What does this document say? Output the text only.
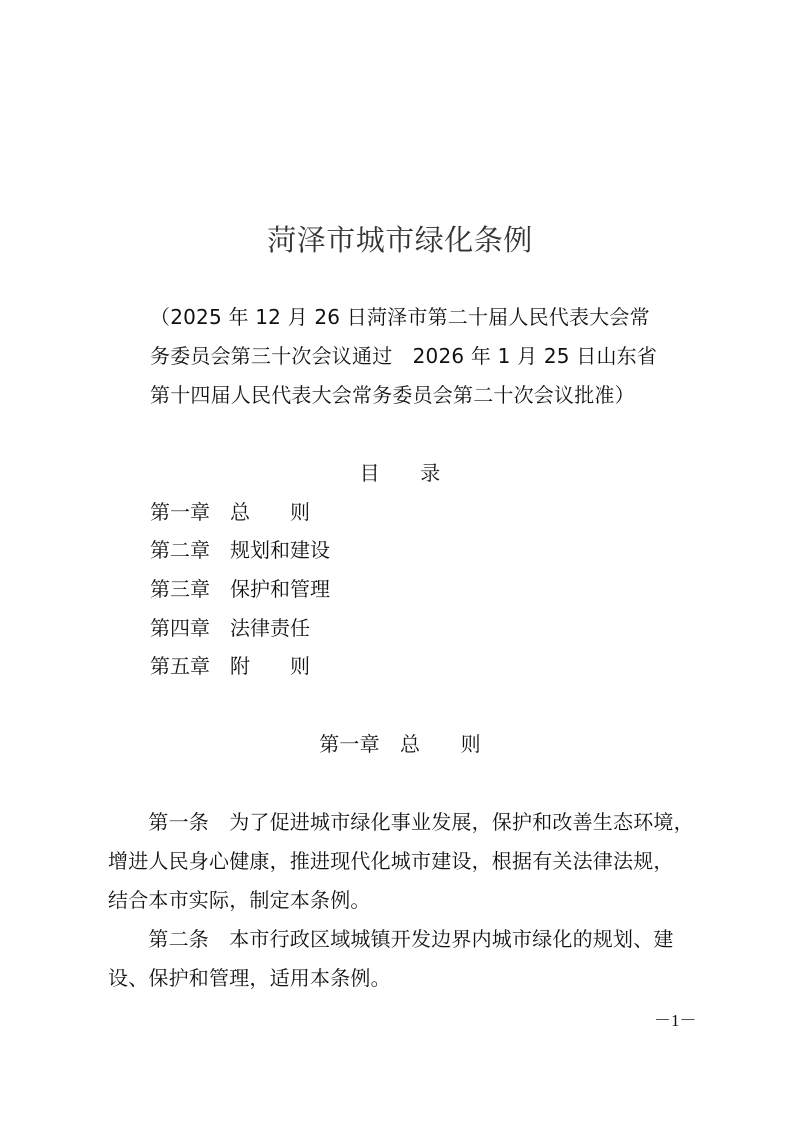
菏泽市城市绿化条例
（2025 年 12 月 26 日菏泽市第二十届人民代表大会常
务委员会第三十次会议通过　2026 年 1 月 25 日山东省
第十四届人民代表大会常务委员会第二十次会议批准）
目　　录
第一章　总　　则
第二章　规划和建设
第三章　保护和管理
第四章　法律责任
第五章　附　　则
第一章　总　　则
　　第一条　为了促进城市绿化事业发展，保护和改善生态环境，
增进人民身心健康，推进现代化城市建设，根据有关法律法规，
结合本市实际，制定本条例。
　　第二条　本市行政区域城镇开发边界内城市绿化的规划、建
设、保护和管理，适用本条例。
－1－
